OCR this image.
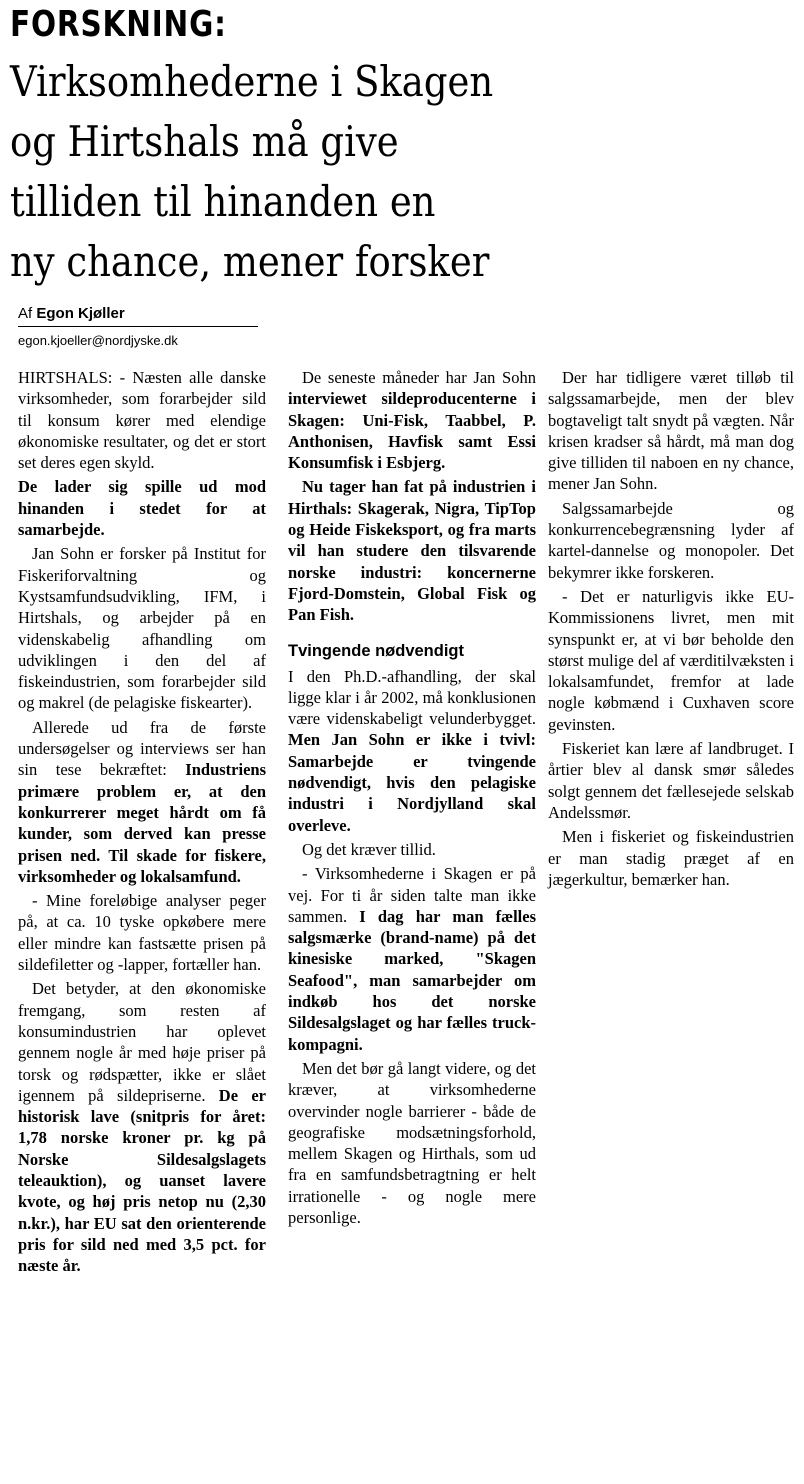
FORSKNING:
Virksomhederne i Skagen
og Hirtshals må give
tilliden til hinanden en
ny chance, mener forsker
Af Egon Kjøller
egon.kjoeller@nordjyske.dk

HIRTSHALS: - Næsten alle danske virksomheder, som forarbejder sild til konsum kører med elendige økonomiske resultater, og det er stort set deres egen skyld.

De lader sig spille ud mod hinanden i stedet for at samarbejde.

Jan Sohn er forsker på Institut for Fiskeriforvaltning og Kystsamfundsudvikling, IFM, i Hirtshals, og arbejder på en videnskabelig afhandling om udviklingen i den del af fiskeindustrien, som forarbejder sild og makrel (de pelagiske fiskearter).

Allerede ud fra de første undersøgelser og interviews ser han sin tese bekræftet: Industriens primære problem er, at den konkurrerer meget hårdt om få kunder, som derved kan presse prisen ned. Til skade for fiskere, virksomheder og lokalsamfund.

- Mine foreløbige analyser peger på, at ca. 10 tyske opkøbere mere eller mindre kan fastsætte prisen på sildefiletter og -lapper, fortæller han.

Det betyder, at den økonomiske fremgang, som resten af konsumindustrien har oplevet gennem nogle år med høje priser på torsk og rødspætter, ikke er slået igennem på sildepriserne. De er historisk lave (snitpris for året: 1,78 norske kroner pr. kg på Norske Sildesalgslagets teleauktion), og uanset lavere kvote, og høj pris netop nu (2,30 n.kr.), har EU sat den orienterende pris for sild ned med 3,5 pct. for næste år.

De seneste måneder har Jan Sohn interviewet sildeproducenterne i Skagen: Uni-Fisk, Taabbel, P. Anthonisen, Havfisk samt Essi Konsumfisk i Esbjerg.

Nu tager han fat på industrien i Hirthals: Skagerak, Nigra, TipTop og Heide Fiskeksport, og fra marts vil han studere den tilsvarende norske industri: koncernerne Fjord-Domstein, Global Fisk og Pan Fish.

Tvingende nødvendigt

I den Ph.D.-afhandling, der skal ligge klar i år 2002, må konklusionen være videnskabeligt velunderbygget. Men Jan Sohn er ikke i tvivl: Samarbejde er tvingende nødvendigt, hvis den pelagiske industri i Nordjylland skal overleve.

Og det kræver tillid.

- Virksomhederne i Skagen er på vej. For ti år siden talte man ikke sammen. I dag har man fælles salgsmærke (brand-name) på det kinesiske marked, "Skagen Seafood", man samarbejder om indkøb hos det norske Sildesalgslaget og har fælles truck-kompagni.

Men det bør gå langt videre, og det kræver, at virksomhederne overvinder nogle barrierer - både de geografiske modsætningsforhold, mellem Skagen og Hirthals, som ud fra en samfundsbetragtning er helt irrationelle - og nogle mere personlige.

Der har tidligere været tilløb til salgssamarbejde, men der blev bogtaveligt talt snydt på vægten. Når krisen kradser så hårdt, må man dog give tilliden til naboen en ny chance, mener Jan Sohn.

Salgssamarbejde og konkurrencebegrænsning lyder af kartel-dannelse og monopoler. Det bekymrer ikke forskeren.

- Det er naturligvis ikke EU-Kommissionens livret, men mit synspunkt er, at vi bør beholde den størst mulige del af værditilvæksten i lokalsamfundet, fremfor at lade nogle købmænd i Cuxhaven score gevinsten.

Fiskeriet kan lære af landbruget. I årtier blev al dansk smør således solgt gennem det fællesejede selskab Andelssmør.

Men i fiskeriet og fiskeindustrien er man stadig præget af en jægerkultur, bemærker han.
